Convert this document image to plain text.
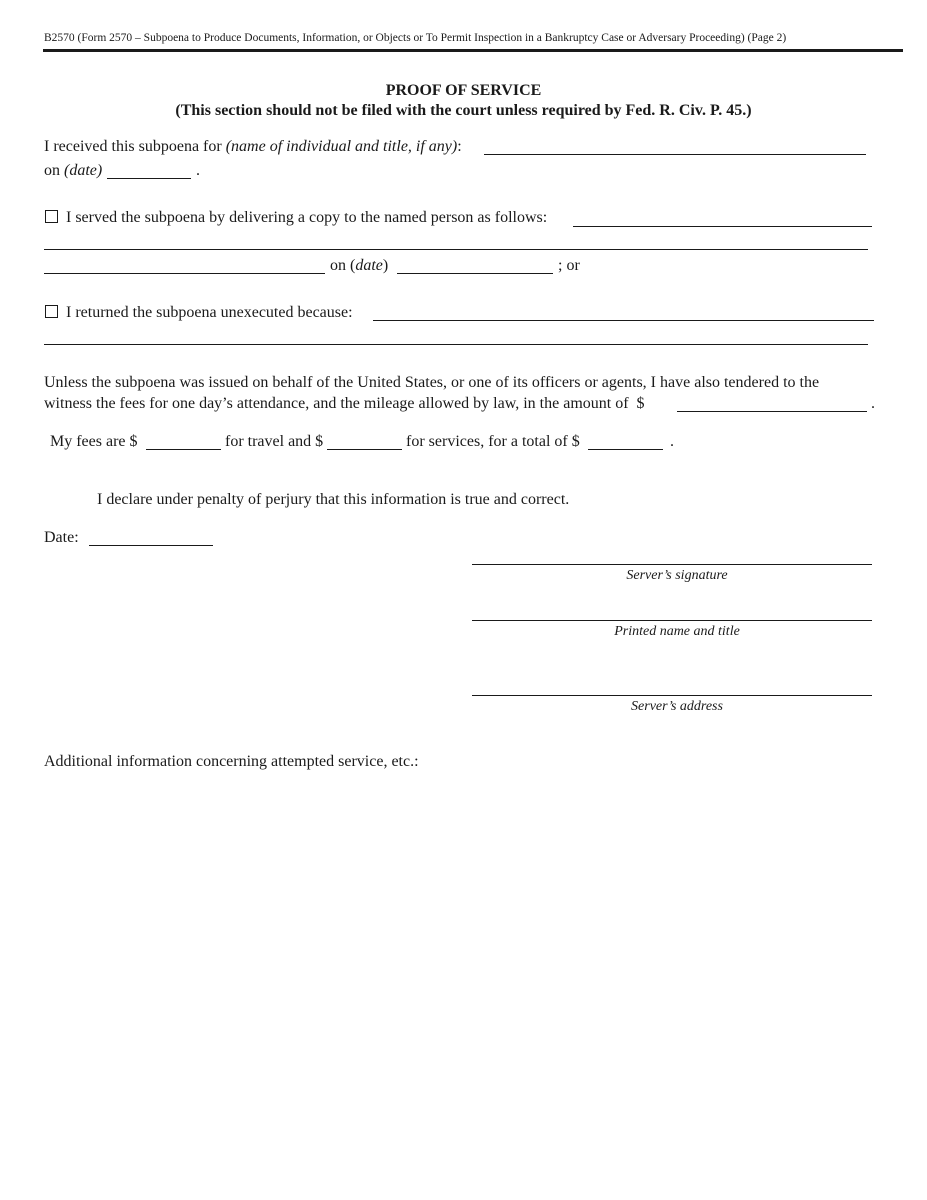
B2570 (Form 2570 – Subpoena to Produce Documents, Information, or Objects or To Permit Inspection in a Bankruptcy Case or Adversary Proceeding) (Page 2)
PROOF OF SERVICE
(This section should not be filed with the court unless required by Fed. R. Civ. P. 45.)
I received this subpoena for (name of individual and title, if any):
on (date)	.
I served the subpoena by delivering a copy to the named person as follows:
on (date)	; or
I returned the subpoena unexecuted because:
Unless the subpoena was issued on behalf of the United States, or one of its officers or agents, I have also tendered to the
witness the fees for one day’s attendance, and the mileage allowed by law, in the amount of $	.
My fees are $	for travel and $	for services, for a total of $	.
I declare under penalty of perjury that this information is true and correct.
Date:
Server’s signature
Printed name and title
Server’s address
Additional information concerning attempted service, etc.:
